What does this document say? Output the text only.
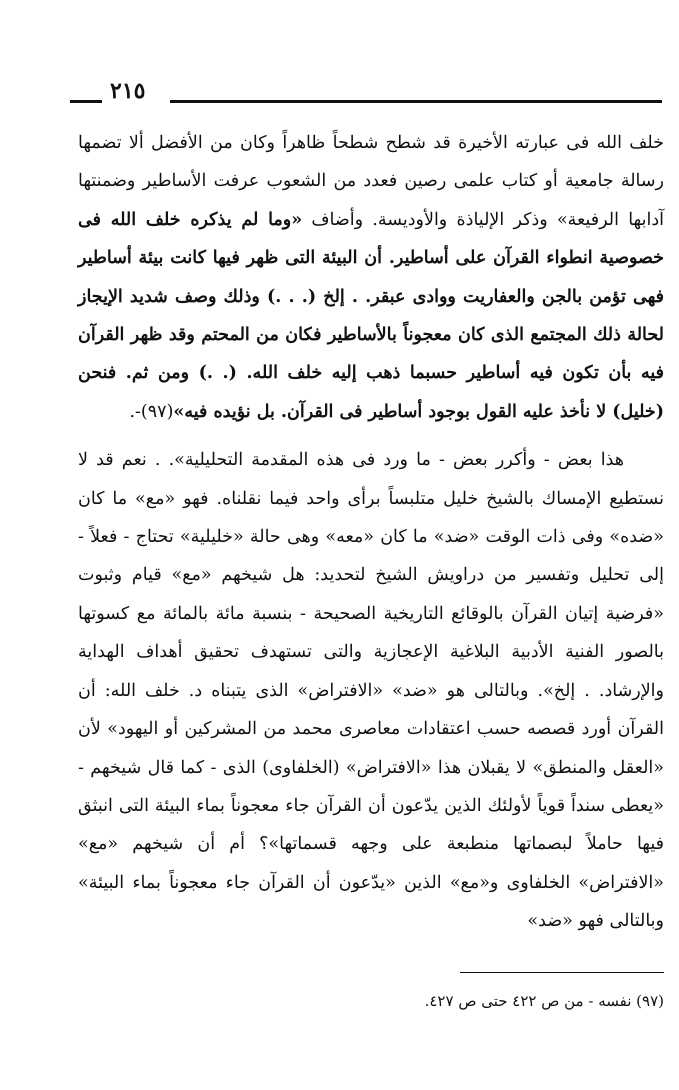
٢١٥

خلف الله فى عبارته الأخيرة قد شطح شطحاً ظاهراً وكان من الأفضل ألا تضمها رسالة جامعية أو كتاب علمى رصين فعدد من الشعوب عرفت الأساطير وضمنتها آدابها الرفيعة» وذكر الإلياذة والأوديسة. وأضاف «وما لم يذكره خلف الله فى خصوصية انطواء القرآن على أساطير. أن البيئة التى ظهر فيها كانت بيئة أساطير فهى تؤمن بالجن والعفاريت ووادى عبقر. . إلخ (. . .) وذلك وصف شديد الإيجاز لحالة ذلك المجتمع الذى كان معجوناً بالأساطير فكان من المحتم وقد ظهر القرآن فيه بأن تكون فيه أساطير حسبما ذهب إليه خلف الله. (. .) ومن ثم. فنحن (خليل) لا نأخذ عليه القول بوجود أساطير فى القرآن. بل نؤيده فيه»(٩٧)-.

هذا بعض - وأكرر بعض - ما ورد فى هذه المقدمة التحليلية». . نعم قد لا نستطيع الإمساك بالشيخ خليل متلبساً برأى واحد فيما نقلناه. فهو «مع» ما كان «ضده» وفى ذات الوقت «ضد» ما كان «معه» وهى حالة «خليلية» تحتاج - فعلاً - إلى تحليل وتفسير من دراويش الشيخ لتحديد: هل شيخهم «مع» قيام وثبوت «فرضية إتيان القرآن بالوقائع التاريخية الصحيحة - بنسبة مائة بالمائة مع كسوتها بالصور الفنية الأدبية البلاغية الإعجازية والتى تستهدف تحقيق أهداف الهداية والإرشاد. . إلخ». وبالتالى هو «ضد» «الافتراض» الذى يتبناه د. خلف الله: أن القرآن أورد قصصه حسب اعتقادات معاصرى محمد من المشركين أو اليهود» لأن «العقل والمنطق» لا يقبلان هذا «الافتراض» (الخلفاوى) الذى - كما قال شيخهم - «يعطى سنداً قوياً لأولئك الذين يدّعون أن القرآن جاء معجوناً بماء البيئة التى انبثق فيها حاملاً لبصماتها منطبعة على وجهه قسماتها»؟ أم أن شيخهم «مع» «الافتراض» الخلفاوى و«مع» الذين «يدّعون أن القرآن جاء معجوناً بماء البيئة» وبالتالى فهو «ضد»

(٩٧) نفسه - من ص ٤٢٢ حتى ص ٤٢٧.
